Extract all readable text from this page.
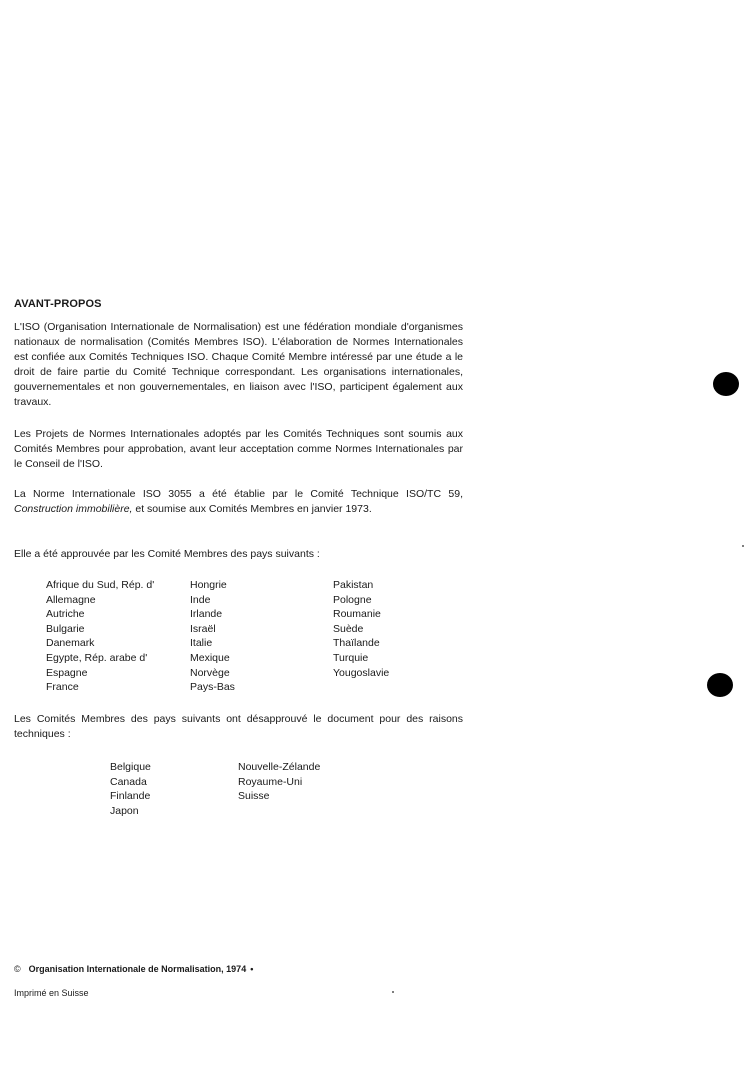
AVANT-PROPOS
L'ISO (Organisation Internationale de Normalisation) est une fédération mondiale d'organismes nationaux de normalisation (Comités Membres ISO). L'élaboration de Normes Internationales est confiée aux Comités Techniques ISO. Chaque Comité Membre intéressé par une étude a le droit de faire partie du Comité Technique correspondant. Les organisations internationales, gouvernementales et non gouvernementales, en liaison avec l'ISO, participent également aux travaux.
Les Projets de Normes Internationales adoptés par les Comités Techniques sont soumis aux Comités Membres pour approbation, avant leur acceptation comme Normes Internationales par le Conseil de l'ISO.
La Norme Internationale ISO 3055 a été établie par le Comité Technique ISO/TC 59, Construction immobilière, et soumise aux Comités Membres en janvier 1973.
Elle a été approuvée par les Comité Membres des pays suivants :
Afrique du Sud, Rép. d'
Allemagne
Autriche
Bulgarie
Danemark
Egypte, Rép. arabe d'
Espagne
France
Hongrie
Inde
Irlande
Israël
Italie
Mexique
Norvège
Pays-Bas
Pakistan
Pologne
Roumanie
Suède
Thaïlande
Turquie
Yougoslavie
Les Comités Membres des pays suivants ont désapprouvé le document pour des raisons techniques :
Belgique
Canada
Finlande
Japon
Nouvelle-Zélande
Royaume-Uni
Suisse
© Organisation Internationale de Normalisation, 1974 •
Imprimé en Suisse
